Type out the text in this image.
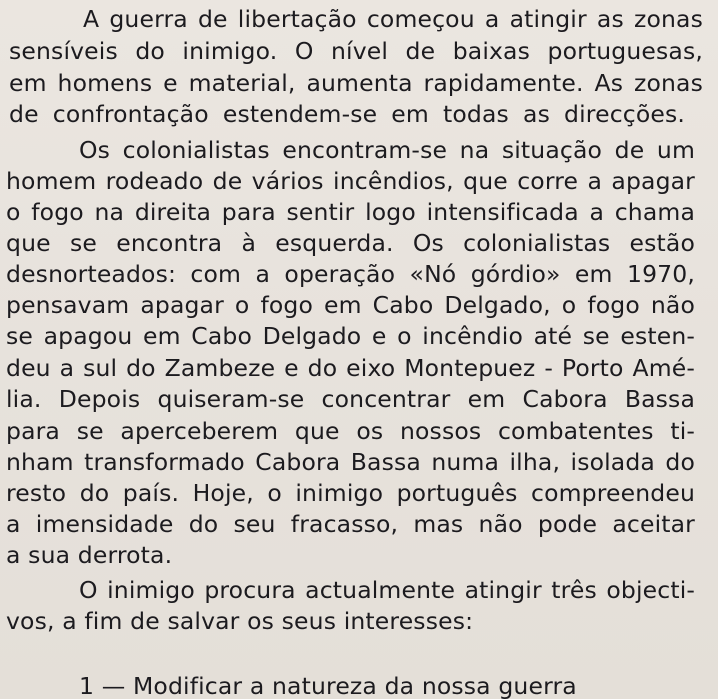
A guerra de libertação começou a atingir as zonas
sensíveis do inimigo. O nível de baixas portuguesas,
em homens e material, aumenta rapidamente. As zonas
de confrontação estendem-se em todas as direcções.
Os colonialistas encontram-se na situação de um
homem rodeado de vários incêndios, que corre a apagar
o fogo na direita para sentir logo intensificada a chama
que se encontra à esquerda. Os colonialistas estão
desnorteados: com a operação «Nó górdio» em 1970,
pensavam apagar o fogo em Cabo Delgado, o fogo não
se apagou em Cabo Delgado e o incêndio até se esten-
deu a sul do Zambeze e do eixo Montepuez - Porto Amé-
lia. Depois quiseram-se concentrar em Cabora Bassa
para se aperceberem que os nossos combatentes ti-
nham transformado Cabora Bassa numa ilha, isolada do
resto do país. Hoje, o inimigo português compreendeu
a imensidade do seu fracasso, mas não pode aceitar
a sua derrota.
O inimigo procura actualmente atingir três objecti-
vos, a fim de salvar os seus interesses:
1 — Modificar a natureza da nossa guerra
